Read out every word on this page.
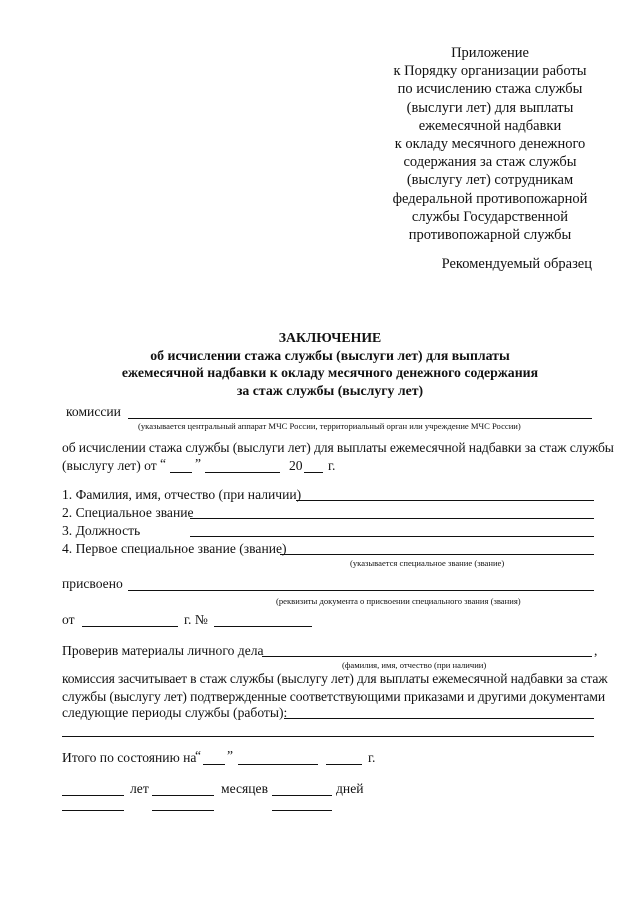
Приложение
к Порядку организации работы
по исчислению стажа службы
(выслуги лет) для выплаты
ежемесячной надбавки
к окладу месячного денежного
содержания за стаж службы
(выслугу лет) сотрудникам
федеральной противопожарной
службы Государственной
противопожарной службы
Рекомендуемый образец
ЗАКЛЮЧЕНИЕ
об исчислении стажа службы (выслуги лет) для выплаты
ежемесячной надбавки к окладу месячного денежного содержания
за стаж службы (выслугу лет)
комиссии
(указывается центральный аппарат МЧС России, территориальный орган или учреждение МЧС России)
об исчислении стажа службы (выслуги лет) для выплаты ежемесячной надбавки за стаж службы
(выслугу лет) от “ ”	20 г.
1. Фамилия, имя, отчество (при наличии)
2. Специальное звание
3. Должность
4. Первое специальное звание (звание)
(указывается специальное звание (звание)
присвоено
(реквизиты документа о присвоении специального звания (звания)
от	г. №
Проверив материалы личного дела	,
(фамилия, имя, отчество (при наличии)
комиссия засчитывает в стаж службы (выслугу лет) для выплаты ежемесячной надбавки за стаж
службы (выслугу лет) подтвержденные соответствующими приказами и другими документами
следующие периоды службы (работы):
Итого по состоянию на
“ ”	г.
лет	месяцев	дней
